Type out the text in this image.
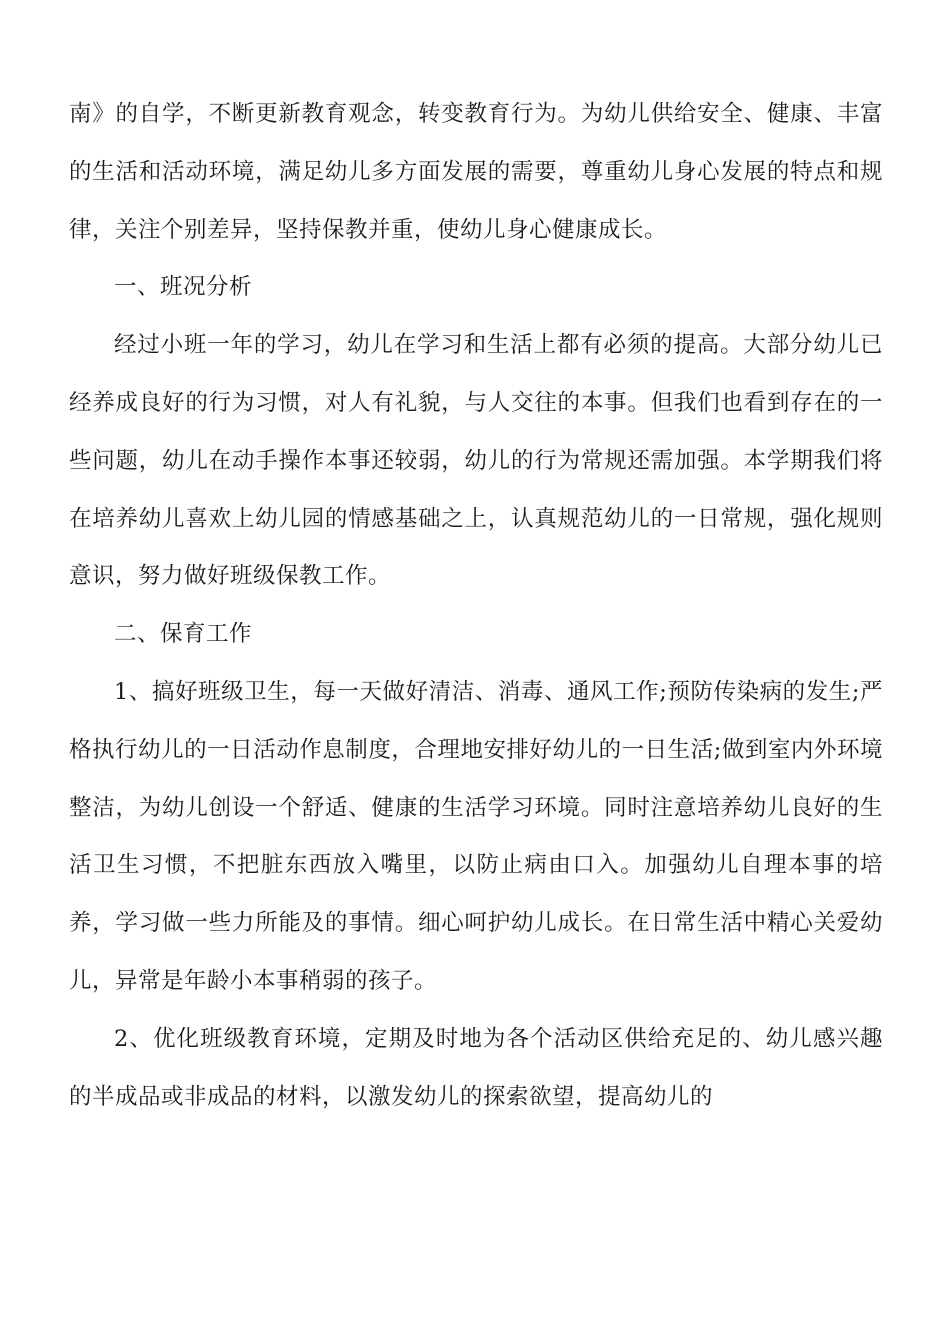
南》的自学，不断更新教育观念，转变教育行为。为幼儿供给安全、健康、丰富的生活和活动环境，满足幼儿多方面发展的需要，尊重幼儿身心发展的特点和规律，关注个别差异，坚持保教并重，使幼儿身心健康成长。

一、班况分析

经过小班一年的学习，幼儿在学习和生活上都有必须的提高。大部分幼儿已经养成良好的行为习惯，对人有礼貌，与人交往的本事。但我们也看到存在的一些问题，幼儿在动手操作本事还较弱，幼儿的行为常规还需加强。本学期我们将在培养幼儿喜欢上幼儿园的情感基础之上，认真规范幼儿的一日常规，强化规则意识，努力做好班级保教工作。

二、保育工作

1、搞好班级卫生，每一天做好清洁、消毒、通风工作;预防传染病的发生;严格执行幼儿的一日活动作息制度，合理地安排好幼儿的一日生活;做到室内外环境整洁，为幼儿创设一个舒适、健康的生活学习环境。同时注意培养幼儿良好的生活卫生习惯，不把脏东西放入嘴里，以防止病由口入。加强幼儿自理本事的培养，学习做一些力所能及的事情。细心呵护幼儿成长。在日常生活中精心关爱幼儿，异常是年龄小本事稍弱的孩子。

2、优化班级教育环境，定期及时地为各个活动区供给充足的、幼儿感兴趣的半成品或非成品的材料，以激发幼儿的探索欲望，提高幼儿的
